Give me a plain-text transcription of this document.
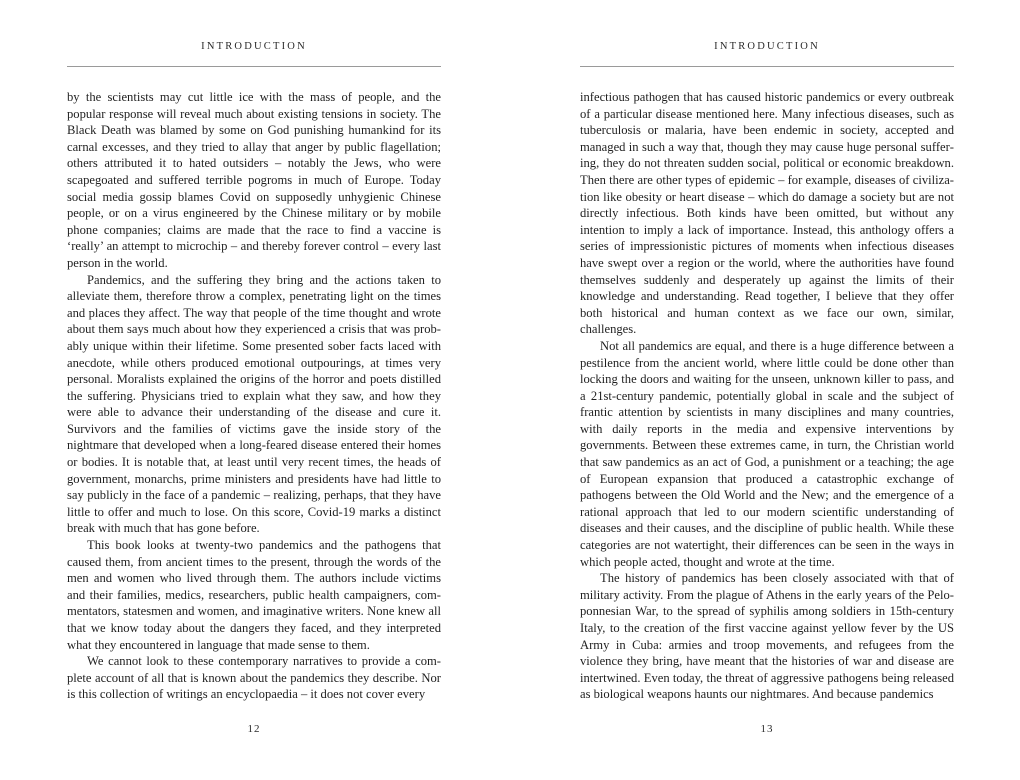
INTRODUCTION

by the scientists may cut little ice with the mass of people, and the popular response will reveal much about existing tensions in society. The Black Death was blamed by some on God punishing humankind for its carnal excesses, and they tried to allay that anger by public flagellation; others attributed it to hated outsiders – notably the Jews, who were scapegoated and suffered terrible pogroms in much of Europe. Today social media gossip blames Covid on supposedly unhygienic Chinese people, or on a virus engineered by the Chinese military or by mobile phone companies; claims are made that the race to find a vaccine is ‘really’ an attempt to microchip – and thereby forever control – every last person in the world.

Pandemics, and the suffering they bring and the actions taken to alleviate them, therefore throw a complex, penetrating light on the times and places they affect. The way that people of the time thought and wrote about them says much about how they experienced a crisis that was probably unique within their lifetime. Some presented sober facts laced with anecdote, while others produced emotional outpourings, at times very personal. Moralists explained the origins of the horror and poets distilled the suffering. Physicians tried to explain what they saw, and how they were able to advance their understanding of the disease and cure it. Survivors and the families of victims gave the inside story of the nightmare that developed when a long-feared disease entered their homes or bodies. It is notable that, at least until very recent times, the heads of government, monarchs, prime ministers and presidents have had little to say publicly in the face of a pandemic – realizing, perhaps, that they have little to offer and much to lose. On this score, Covid-19 marks a distinct break with much that has gone before.

This book looks at twenty-two pandemics and the pathogens that caused them, from ancient times to the present, through the words of the men and women who lived through them. The authors include victims and their families, medics, researchers, public health campaigners, commentators, statesmen and women, and imaginative writers. None knew all that we know today about the dangers they faced, and they interpreted what they encountered in language that made sense to them.

We cannot look to these contemporary narratives to provide a complete account of all that is known about the pandemics they describe. Nor is this collection of writings an encyclopaedia – it does not cover every

12
INTRODUCTION

infectious pathogen that has caused historic pandemics or every outbreak of a particular disease mentioned here. Many infectious diseases, such as tuberculosis or malaria, have been endemic in society, accepted and managed in such a way that, though they may cause huge personal suffering, they do not threaten sudden social, political or economic breakdown. Then there are other types of epidemic – for example, diseases of civilization like obesity or heart disease – which do damage a society but are not directly infectious. Both kinds have been omitted, but without any intention to imply a lack of importance. Instead, this anthology offers a series of impressionistic pictures of moments when infectious diseases have swept over a region or the world, where the authorities have found themselves suddenly and desperately up against the limits of their knowledge and understanding. Read together, I believe that they offer both historical and human context as we face our own, similar, challenges.

Not all pandemics are equal, and there is a huge difference between a pestilence from the ancient world, where little could be done other than locking the doors and waiting for the unseen, unknown killer to pass, and a 21st-century pandemic, potentially global in scale and the subject of frantic attention by scientists in many disciplines and many countries, with daily reports in the media and expensive interventions by governments. Between these extremes came, in turn, the Christian world that saw pandemics as an act of God, a punishment or a teaching; the age of European expansion that produced a catastrophic exchange of pathogens between the Old World and the New; and the emergence of a rational approach that led to our modern scientific understanding of diseases and their causes, and the discipline of public health. While these categories are not watertight, their differences can be seen in the ways in which people acted, thought and wrote at the time.

The history of pandemics has been closely associated with that of military activity. From the plague of Athens in the early years of the Peloponnesian War, to the spread of syphilis among soldiers in 15th-century Italy, to the creation of the first vaccine against yellow fever by the US Army in Cuba: armies and troop movements, and refugees from the violence they bring, have meant that the histories of war and disease are intertwined. Even today, the threat of aggressive pathogens being released as biological weapons haunts our nightmares. And because pandemics

13
